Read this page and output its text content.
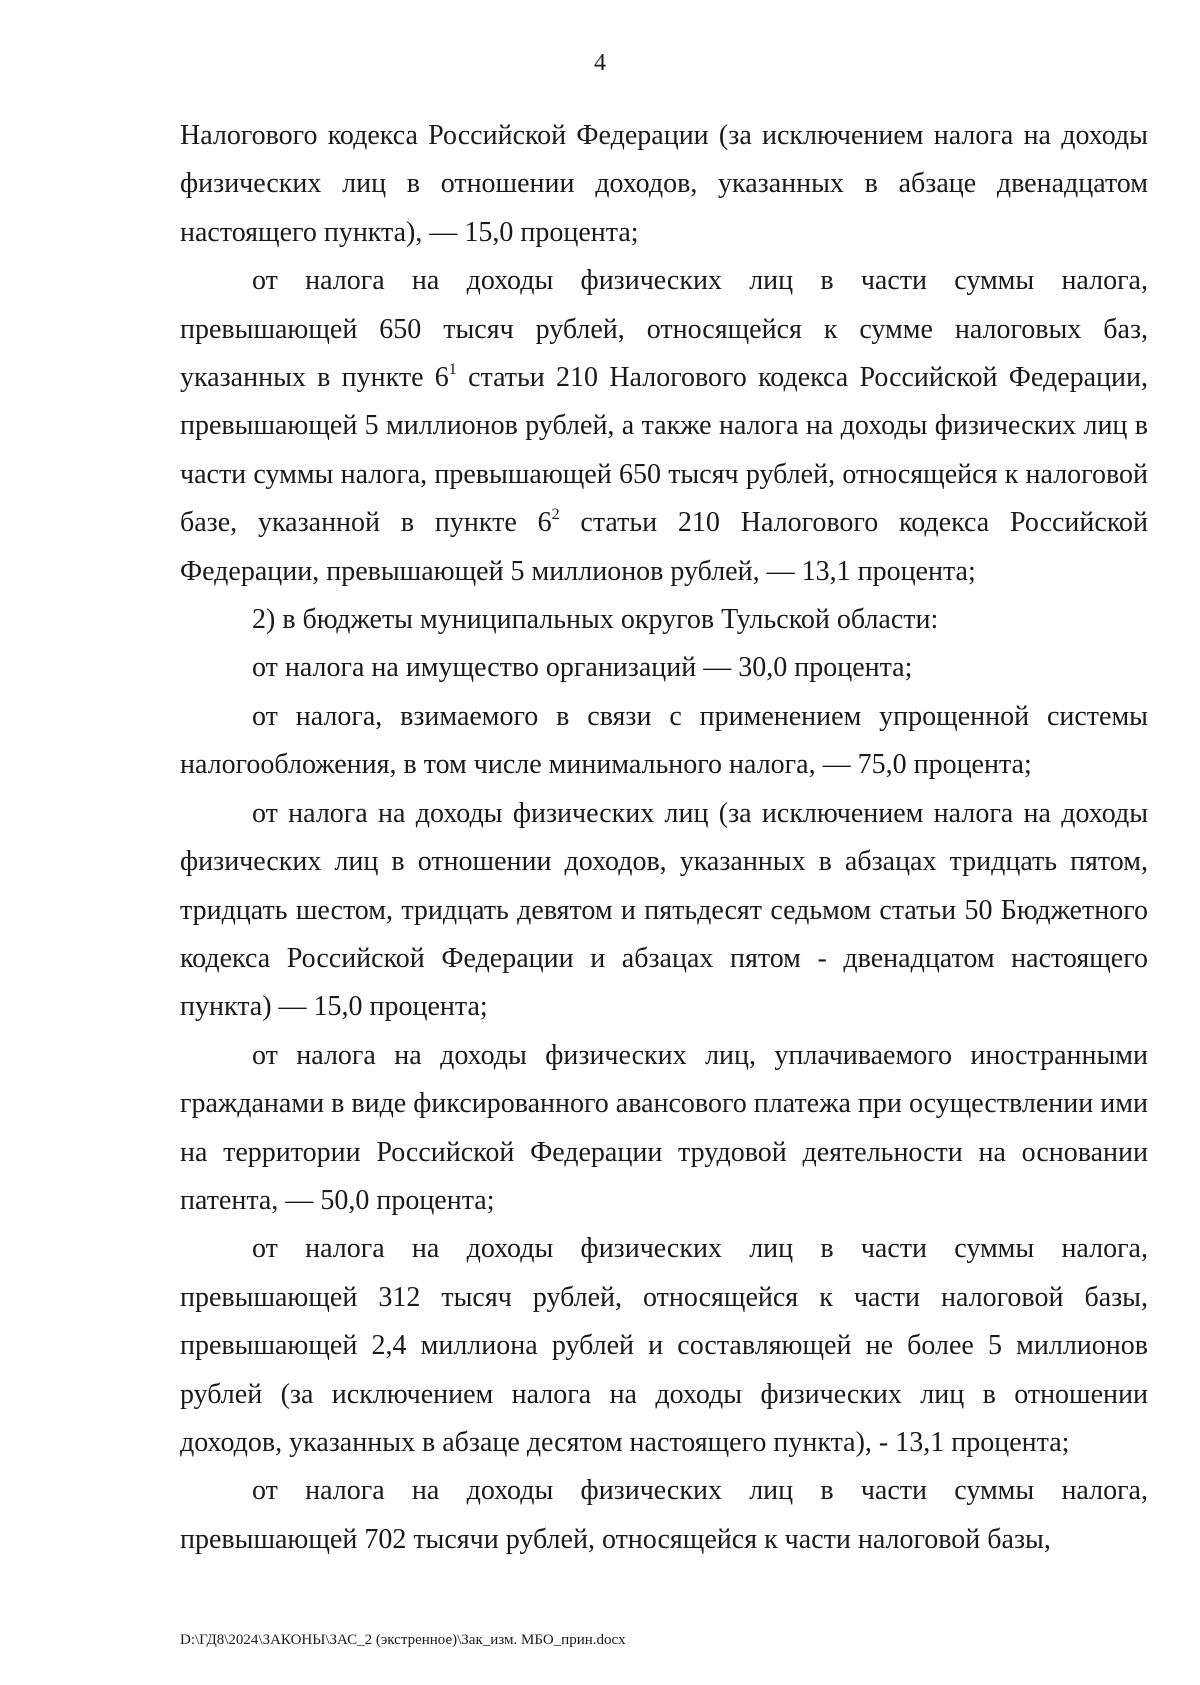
4

Налогового кодекса Российской Федерации (за исключением налога на доходы физических лиц в отношении доходов, указанных в абзаце двенадцатом настоящего пункта), — 15,0 процента;

от налога на доходы физических лиц в части суммы налога, превышающей 650 тысяч рублей, относящейся к сумме налоговых баз, указанных в пункте $6^1$ статьи 210 Налогового кодекса Российской Федерации, превышающей 5 миллионов рублей, а также налога на доходы физических лиц в части суммы налога, превышающей 650 тысяч рублей, относящейся к налоговой базе, указанной в пункте $6^2$ статьи 210 Налогового кодекса Российской Федерации, превышающей 5 миллионов рублей, — 13,1 процента;

2) в бюджеты муниципальных округов Тульской области:

от налога на имущество организаций — 30,0 процента;

от налога, взимаемого в связи с применением упрощенной системы налогообложения, в том числе минимального налога, — 75,0 процента;

от налога на доходы физических лиц (за исключением налога на доходы физических лиц в отношении доходов, указанных в абзацах тридцать пятом, тридцать шестом, тридцать девятом и пятьдесят седьмом статьи 50 Бюджетного кодекса Российской Федерации и абзацах пятом - двенадцатом настоящего пункта) — 15,0 процента;

от налога на доходы физических лиц, уплачиваемого иностранными гражданами в виде фиксированного авансового платежа при осуществлении ими на территории Российской Федерации трудовой деятельности на основании патента, — 50,0 процента;

от налога на доходы физических лиц в части суммы налога, превышающей 312 тысяч рублей, относящейся к части налоговой базы, превышающей 2,4 миллиона рублей и составляющей не более 5 миллионов рублей (за исключением налога на доходы физических лиц в отношении доходов, указанных в абзаце десятом настоящего пункта), - 13,1 процента;

от налога на доходы физических лиц в части суммы налога, превышающей 702 тысячи рублей, относящейся к части налоговой базы,

D:\ГД8\2024\ЗАКОНЫ\ЗАС_2 (экстренное)\Зак_изм. МБО_прин.docx
